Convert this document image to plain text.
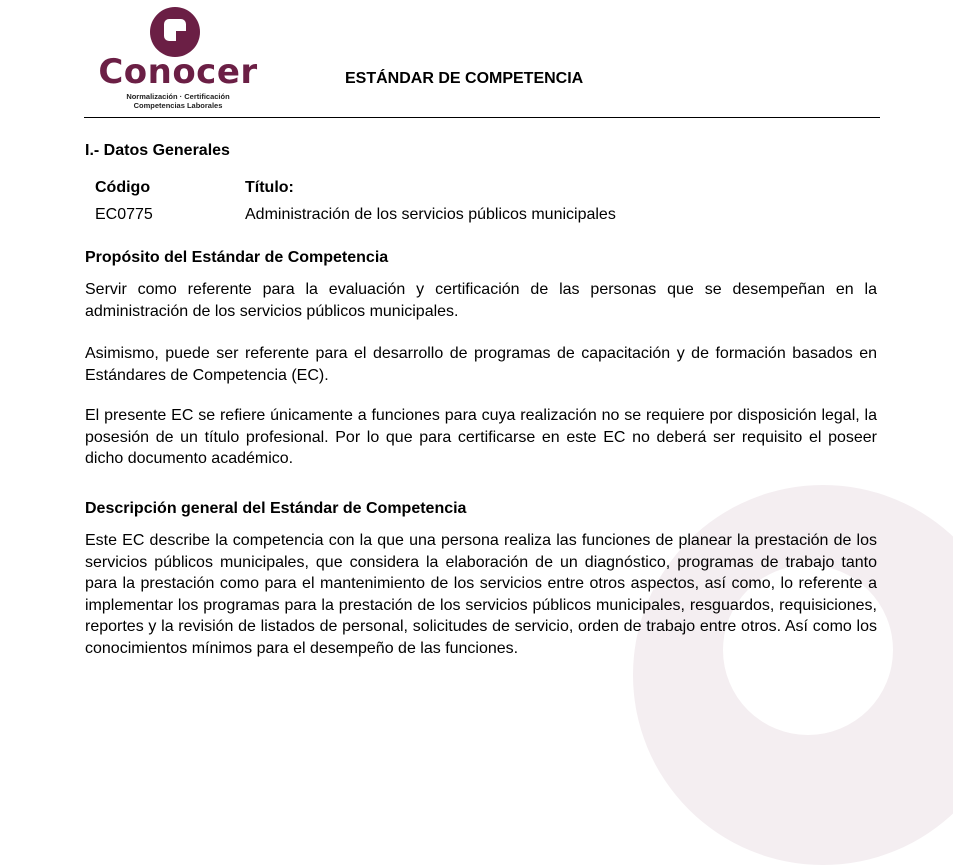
Conocer
Normalización · Certificación
Competencias Laborales
ESTÁNDAR DE COMPETENCIA
I.- Datos Generales
Código	Título:
EC0775	Administración de los servicios públicos municipales
Propósito del Estándar de Competencia

Servir como referente para la evaluación y certificación de las personas que se desempeñan en la administración de los servicios públicos municipales.

Asimismo, puede ser referente para el desarrollo de programas de capacitación y de formación basados en Estándares de Competencia (EC).

El presente EC se refiere únicamente a funciones para cuya realización no se requiere por disposición legal, la posesión de un título profesional. Por lo que para certificarse en este EC no deberá ser requisito el poseer dicho documento académico.

Descripción general del Estándar de Competencia

Este EC describe la competencia con la que una persona realiza las funciones de planear la prestación de los servicios públicos municipales, que considera la elaboración de un diagnóstico, programas de trabajo tanto para la prestación como para el mantenimiento de los servicios entre otros aspectos, así como, lo referente a implementar los programas para la prestación de los servicios públicos municipales, resguardos, requisiciones, reportes y la revisión de listados de personal, solicitudes de servicio, orden de trabajo entre otros. Así como los conocimientos mínimos para el desempeño de las funciones.
